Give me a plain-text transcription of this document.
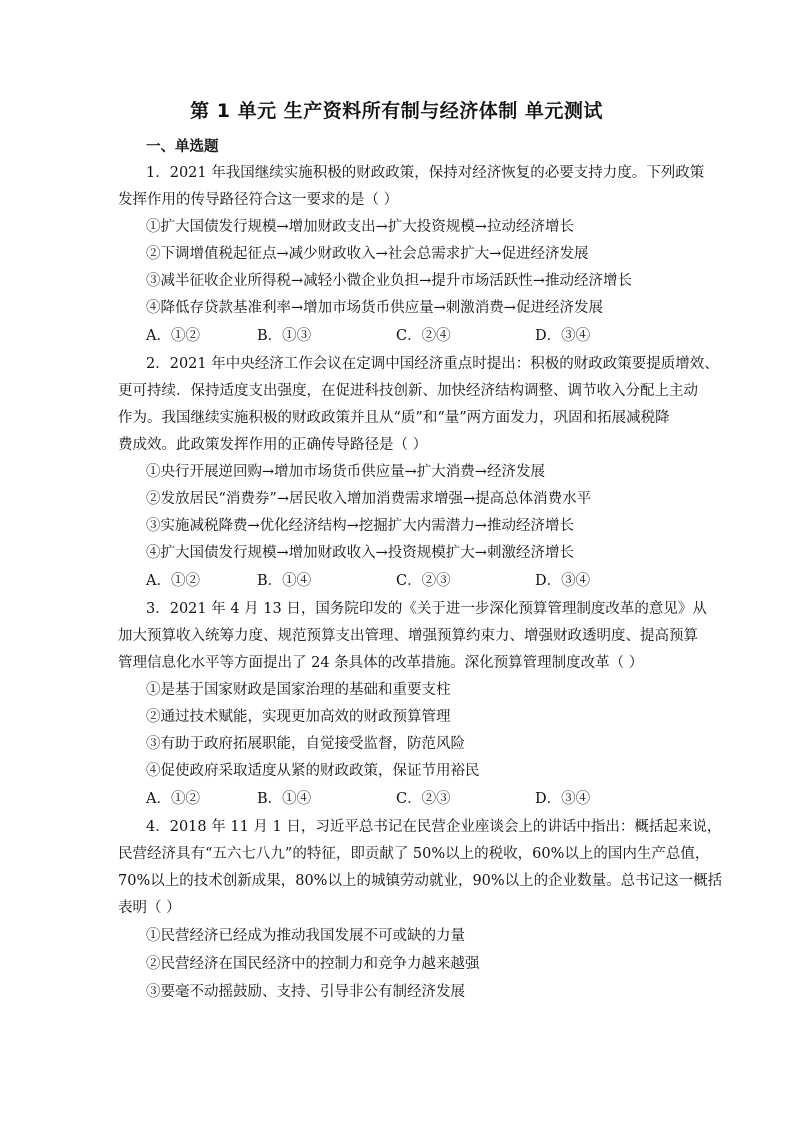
第 1 单元 生产资料所有制与经济体制 单元测试
一、单选题
1．2021 年我国继续实施积极的财政政策，保持对经济恢复的必要支持力度。下列政策
发挥作用的传导路径符合这一要求的是（ ）
①扩大国债发行规模→增加财政支出→扩大投资规模→拉动经济增长
②下调增值税起征点→减少财政收入→社会总需求扩大→促进经济发展
③减半征收企业所得税→减轻小微企业负担→提升市场活跃性→推动经济增长
④降低存贷款基准利率→增加市场货币供应量→刺激消费→促进经济发展
A．①②	B．①③	C．②④	D．③④
2．2021 年中央经济工作会议在定调中国经济重点时提出：积极的财政政策要提质增效、
更可持续．保持适度支出强度，在促进科技创新、加快经济结构调整、调节收入分配上主动
作为。我国继续实施积极的财政政策并且从“质”和“量”两方面发力，巩固和拓展减税降
费成效。此政策发挥作用的正确传导路径是（ ）
①央行开展逆回购→增加市场货币供应量→扩大消费→经济发展
②发放居民“消费券”→居民收入增加消费需求增强→提高总体消费水平
③实施减税降费→优化经济结构→挖掘扩大内需潜力→推动经济增长
④扩大国债发行规模→增加财政收入→投资规模扩大→刺激经济增长
A．①②	B．①④	C．②③	D．③④
3．2021 年 4 月 13 日，国务院印发的《关于进一步深化预算管理制度改革的意见》从
加大预算收入统筹力度、规范预算支出管理、增强预算约束力、增强财政透明度、提高预算
管理信息化水平等方面提出了 24 条具体的改革措施。深化预算管理制度改革（ ）
①是基于国家财政是国家治理的基础和重要支柱
②通过技术赋能，实现更加高效的财政预算管理
③有助于政府拓展职能，自觉接受监督，防范风险
④促使政府采取适度从紧的财政政策，保证节用裕民
A．①②	B．①④	C．②③	D．③④
4．2018 年 11 月 1 日，习近平总书记在民营企业座谈会上的讲话中指出：概括起来说，
民营经济具有“五六七八九”的特征，即贡献了 50%以上的税收，60%以上的国内生产总值，
70%以上的技术创新成果，80%以上的城镇劳动就业，90%以上的企业数量。总书记这一概括
表明（ ）
①民营经济已经成为推动我国发展不可或缺的力量
②民营经济在国民经济中的控制力和竞争力越来越强
③要毫不动摇鼓励、支持、引导非公有制经济发展
